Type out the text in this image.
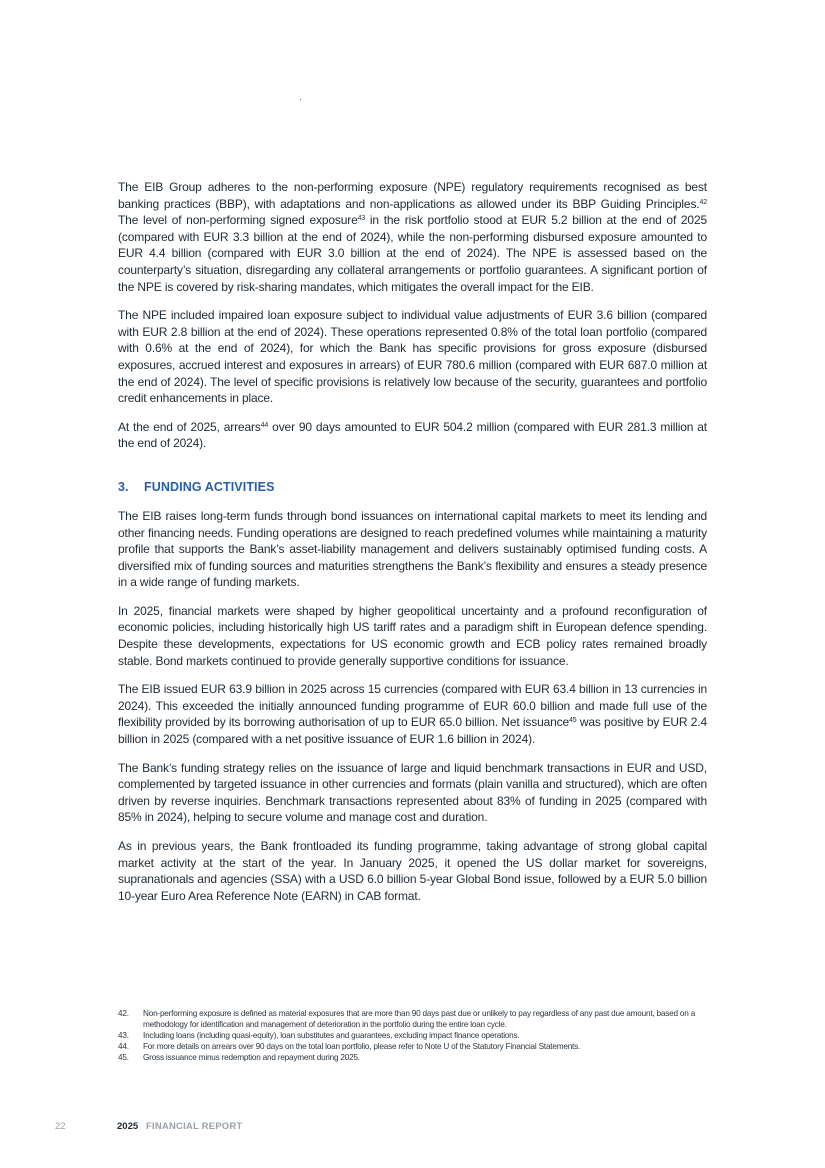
The EIB Group adheres to the non-performing exposure (NPE) regulatory requirements recognised as best banking practices (BBP), with adaptations and non-applications as allowed under its BBP Guiding Principles.$^{42}$ The level of non-performing signed exposure$^{43}$ in the risk portfolio stood at EUR 5.2 billion at the end of 2025 (compared with EUR 3.3 billion at the end of 2024), while the non-performing disbursed exposure amounted to EUR 4.4 billion (compared with EUR 3.0 billion at the end of 2024). The NPE is assessed based on the counterparty’s situation, disregarding any collateral arrangements or portfolio guarantees. A significant portion of the NPE is covered by risk-sharing mandates, which mitigates the overall impact for the EIB.

The NPE included impaired loan exposure subject to individual value adjustments of EUR 3.6 billion (compared with EUR 2.8 billion at the end of 2024). These operations represented 0.8% of the total loan portfolio (compared with 0.6% at the end of 2024), for which the Bank has specific provisions for gross exposure (disbursed exposures, accrued interest and exposures in arrears) of EUR 780.6 million (compared with EUR 687.0 million at the end of 2024). The level of specific provisions is relatively low because of the security, guarantees and portfolio credit enhancements in place.

At the end of 2025, arrears$^{44}$ over 90 days amounted to EUR 504.2 million (compared with EUR 281.3 million at the end of 2024).

3. FUNDING ACTIVITIES

The EIB raises long-term funds through bond issuances on international capital markets to meet its lending and other financing needs. Funding operations are designed to reach predefined volumes while maintaining a maturity profile that supports the Bank’s asset-liability management and delivers sustainably optimised funding costs. A diversified mix of funding sources and maturities strengthens the Bank’s flexibility and ensures a steady presence in a wide range of funding markets.

In 2025, financial markets were shaped by higher geopolitical uncertainty and a profound reconfiguration of economic policies, including historically high US tariff rates and a paradigm shift in European defence spending. Despite these developments, expectations for US economic growth and ECB policy rates remained broadly stable. Bond markets continued to provide generally supportive conditions for issuance.

The EIB issued EUR 63.9 billion in 2025 across 15 currencies (compared with EUR 63.4 billion in 13 currencies in 2024). This exceeded the initially announced funding programme of EUR 60.0 billion and made full use of the flexibility provided by its borrowing authorisation of up to EUR 65.0 billion. Net issuance$^{45}$ was positive by EUR 2.4 billion in 2025 (compared with a net positive issuance of EUR 1.6 billion in 2024).

The Bank’s funding strategy relies on the issuance of large and liquid benchmark transactions in EUR and USD, complemented by targeted issuance in other currencies and formats (plain vanilla and structured), which are often driven by reverse inquiries. Benchmark transactions represented about 83% of funding in 2025 (compared with 85% in 2024), helping to secure volume and manage cost and duration.

As in previous years, the Bank frontloaded its funding programme, taking advantage of strong global capital market activity at the start of the year. In January 2025, it opened the US dollar market for sovereigns, supranationals and agencies (SSA) with a USD 6.0 billion 5-year Global Bond issue, followed by a EUR 5.0 billion 10-year Euro Area Reference Note (EARN) in CAB format.

42.	Non-performing exposure is defined as material exposures that are more than 90 days past due or unlikely to pay regardless of any past due amount, based on a methodology for identification and management of deterioration in the portfolio during the entire loan cycle.
43.	Including loans (including quasi-equity), loan substitutes and guarantees, excluding impact finance operations.
44.	For more details on arrears over 90 days on the total loan portfolio, please refer to Note U of the Statutory Financial Statements.
45.	Gross issuance minus redemption and repayment during 2025.
22	2025 FINANCIAL REPORT
